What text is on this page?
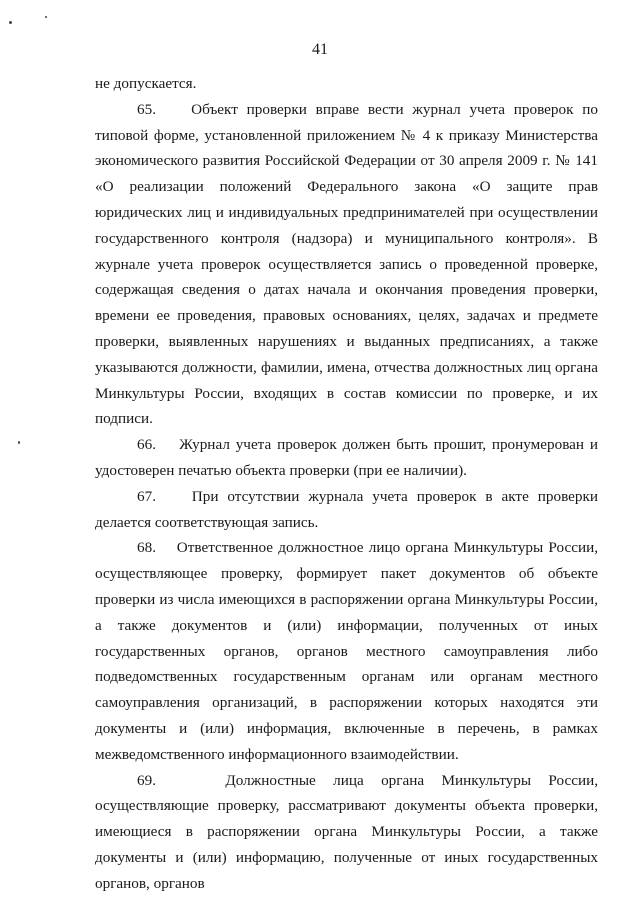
41

не допускается.

65.    Объект проверки вправе вести журнал учета проверок по типовой форме, установленной приложением № 4 к приказу Министерства экономического развития Российской Федерации от 30 апреля 2009 г. № 141 «О реализации положений Федерального закона «О защите прав юридических лиц и индивидуальных предпринимателей при осуществлении государственного контроля (надзора) и муниципального контроля». В журнале учета проверок осуществляется запись о проведенной проверке, содержащая сведения о датах начала и окончания проведения проверки, времени ее проведения, правовых основаниях, целях, задачах и предмете проверки, выявленных нарушениях и выданных предписаниях, а также указываются должности, фамилии, имена, отчества должностных лиц органа Минкультуры России, входящих в состав комиссии по проверке, и их подписи.

66.    Журнал учета проверок должен быть прошит, пронумерован и удостоверен печатью объекта проверки (при ее наличии).

67.    При отсутствии журнала учета проверок в акте проверки делается соответствующая запись.

68.    Ответственное должностное лицо органа Минкультуры России, осуществляющее проверку, формирует пакет документов об объекте проверки из числа имеющихся в распоряжении органа Минкультуры России, а также документов и (или) информации, полученных от иных государственных органов, органов местного самоуправления либо подведомственных государственным органам или органам местного самоуправления организаций, в распоряжении которых находятся эти документы и (или) информация, включенные в перечень, в рамках межведомственного информационного взаимодействии.

69.    Должностные лица органа Минкультуры России, осуществляющие проверку, рассматривают документы объекта проверки, имеющиеся в распоряжении органа Минкультуры России, а также документы и (или) информацию, полученные от иных государственных органов, органов
